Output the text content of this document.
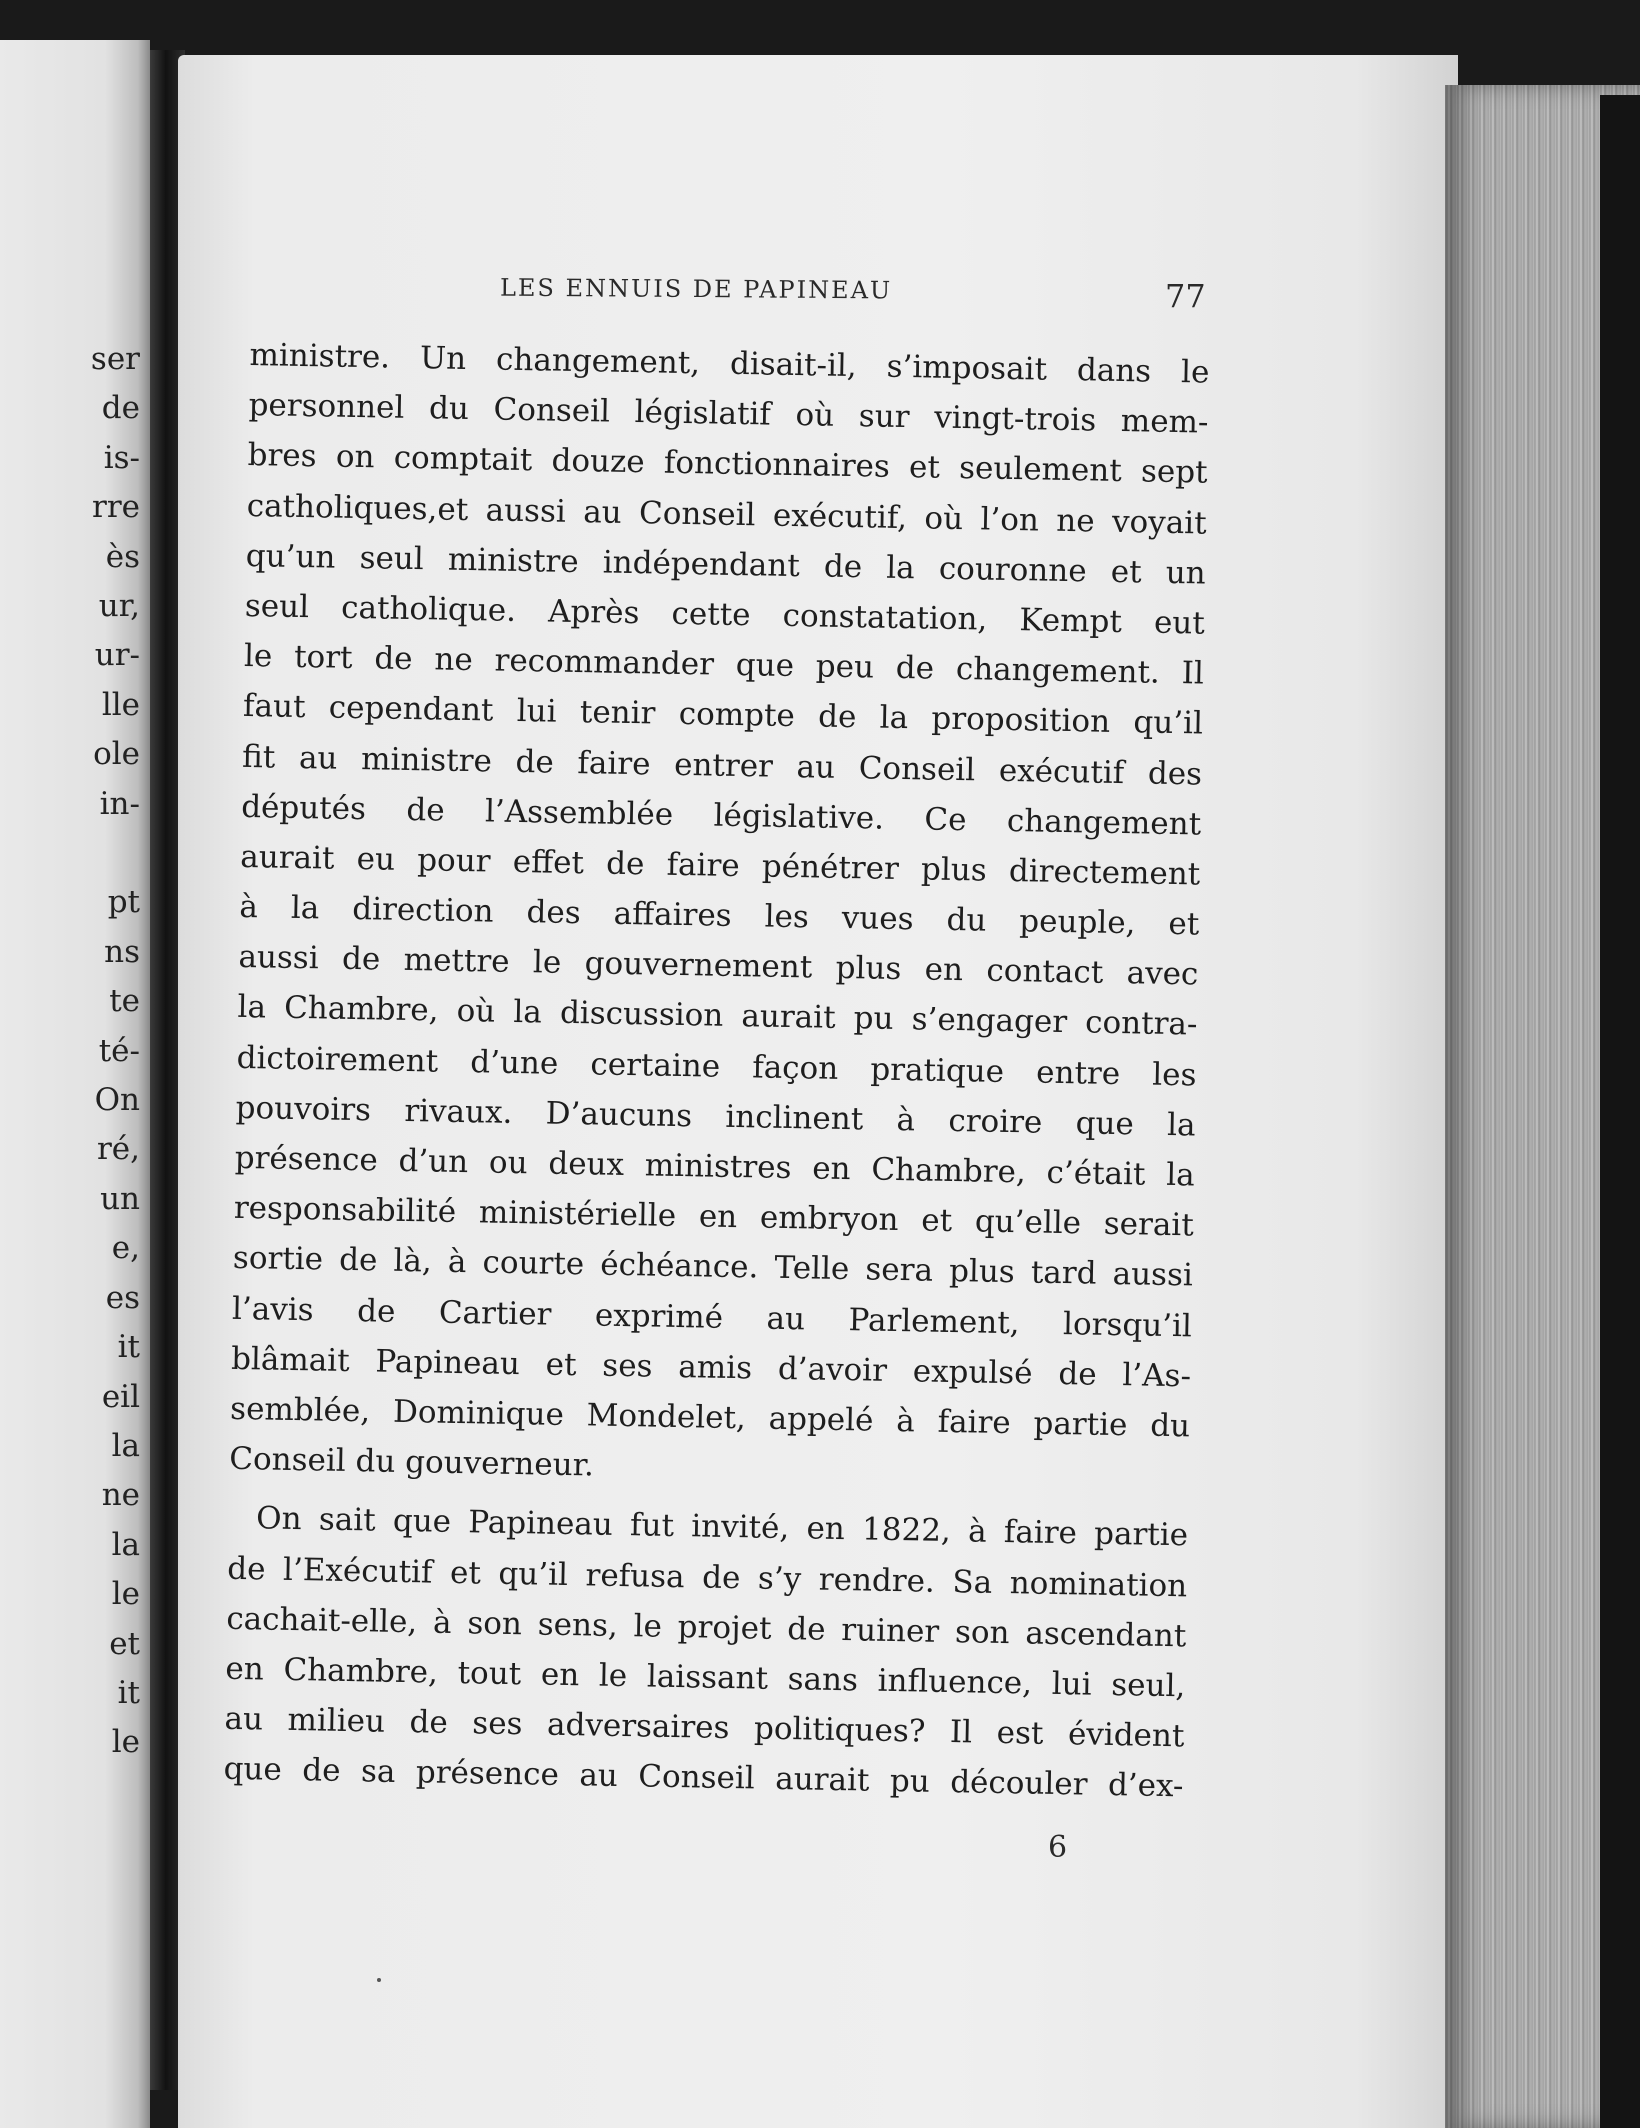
ser
de
is-
rre
ès
ur,
ur-
lle
ole
in-
pt
ns
te
té-
On
ré,
un
e,
es
it
eil
la
ne
la
le
et
it
le
LES ENNUIS DE PAPINEAU	77
ministre. Un changement, disait-il, s’imposait dans le
personnel du Conseil législatif où sur vingt-trois mem-
bres on comptait douze fonctionnaires et seulement sept
catholiques,et aussi au Conseil exécutif, où l’on ne voyait
qu’un seul ministre indépendant de la couronne et un
seul catholique. Après cette constatation, Kempt eut
le tort de ne recommander que peu de changement. Il
faut cependant lui tenir compte de la proposition qu’il
fit au ministre de faire entrer au Conseil exécutif des
députés de l’Assemblée législative. Ce changement
aurait eu pour effet de faire pénétrer plus directement
à la direction des affaires les vues du peuple, et
aussi de mettre le gouvernement plus en contact avec
la Chambre, où la discussion aurait pu s’engager contra-
dictoirement d’une certaine façon pratique entre les
pouvoirs rivaux. D’aucuns inclinent à croire que la
présence d’un ou deux ministres en Chambre, c’était la
responsabilité ministérielle en embryon et qu’elle serait
sortie de là, à courte échéance. Telle sera plus tard aussi
l’avis de Cartier exprimé au Parlement, lorsqu’il
blâmait Papineau et ses amis d’avoir expulsé de l’As-
semblée, Dominique Mondelet, appelé à faire partie du
Conseil du gouverneur.
On sait que Papineau fut invité, en 1822, à faire partie
de l’Exécutif et qu’il refusa de s’y rendre. Sa nomination
cachait-elle, à son sens, le projet de ruiner son ascendant
en Chambre, tout en le laissant sans influence, lui seul,
au milieu de ses adversaires politiques? Il est évident
que de sa présence au Conseil aurait pu découler d’ex-
6
